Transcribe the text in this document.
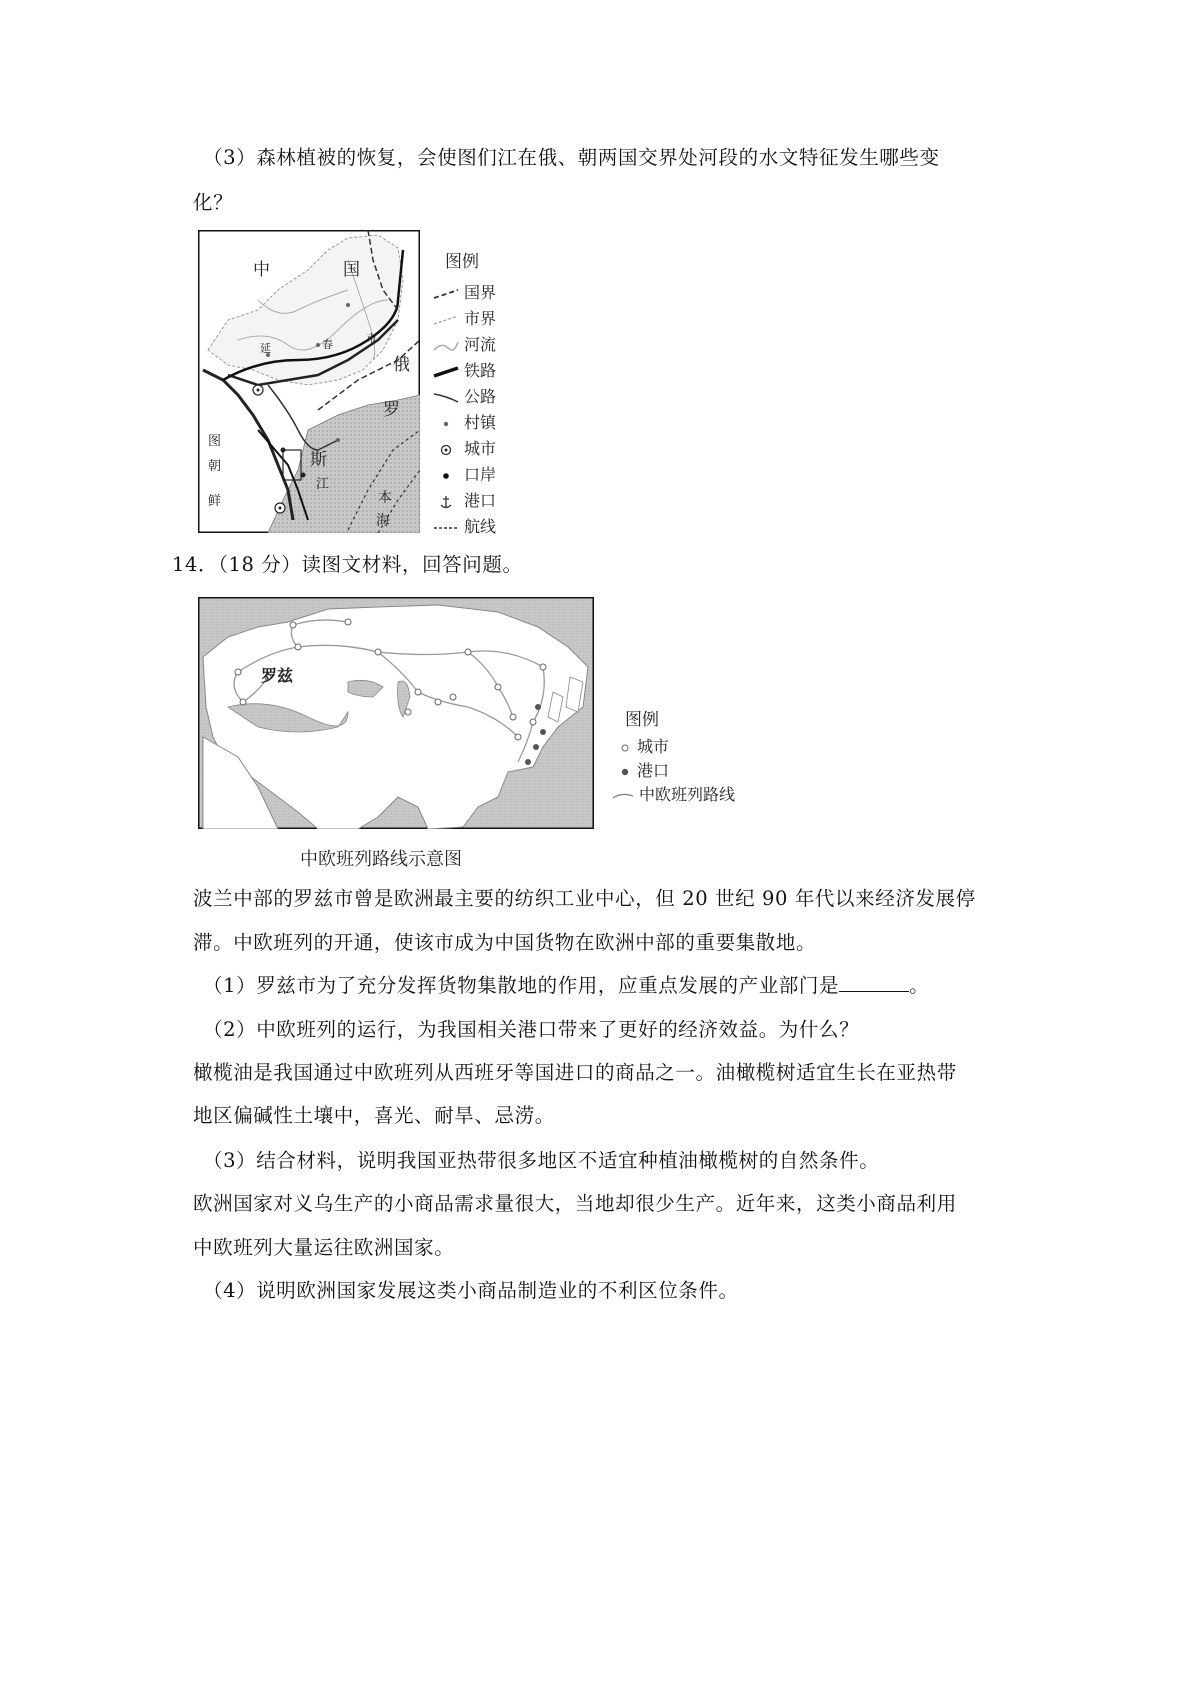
（3）森林植被的恢复，会使图们江在俄、朝两国交界处河段的水文特征发生哪些变
化？
中	国
俄
罗
斯
江
图
朝
鲜	本
海
延	春	市
图例
国界
市界
河流
铁路
公路
村镇
城市
口岸
港口
航线
14．（18 分）读图文材料，回答问题。
罗兹
图例
城市
港口
中欧班列路线
中欧班列路线示意图
波兰中部的罗兹市曾是欧洲最主要的纺织工业中心，但 20 世纪 90 年代以来经济发展停
滞。中欧班列的开通，使该市成为中国货物在欧洲中部的重要集散地。
（1）罗兹市为了充分发挥货物集散地的作用，应重点发展的产业部门是	。
（2）中欧班列的运行，为我国相关港口带来了更好的经济效益。为什么？
橄榄油是我国通过中欧班列从西班牙等国进口的商品之一。油橄榄树适宜生长在亚热带
地区偏碱性土壤中，喜光、耐旱、忌涝。
（3）结合材料，说明我国亚热带很多地区不适宜种植油橄榄树的自然条件。
欧洲国家对义乌生产的小商品需求量很大，当地却很少生产。近年来，这类小商品利用
中欧班列大量运往欧洲国家。
（4）说明欧洲国家发展这类小商品制造业的不利区位条件。
